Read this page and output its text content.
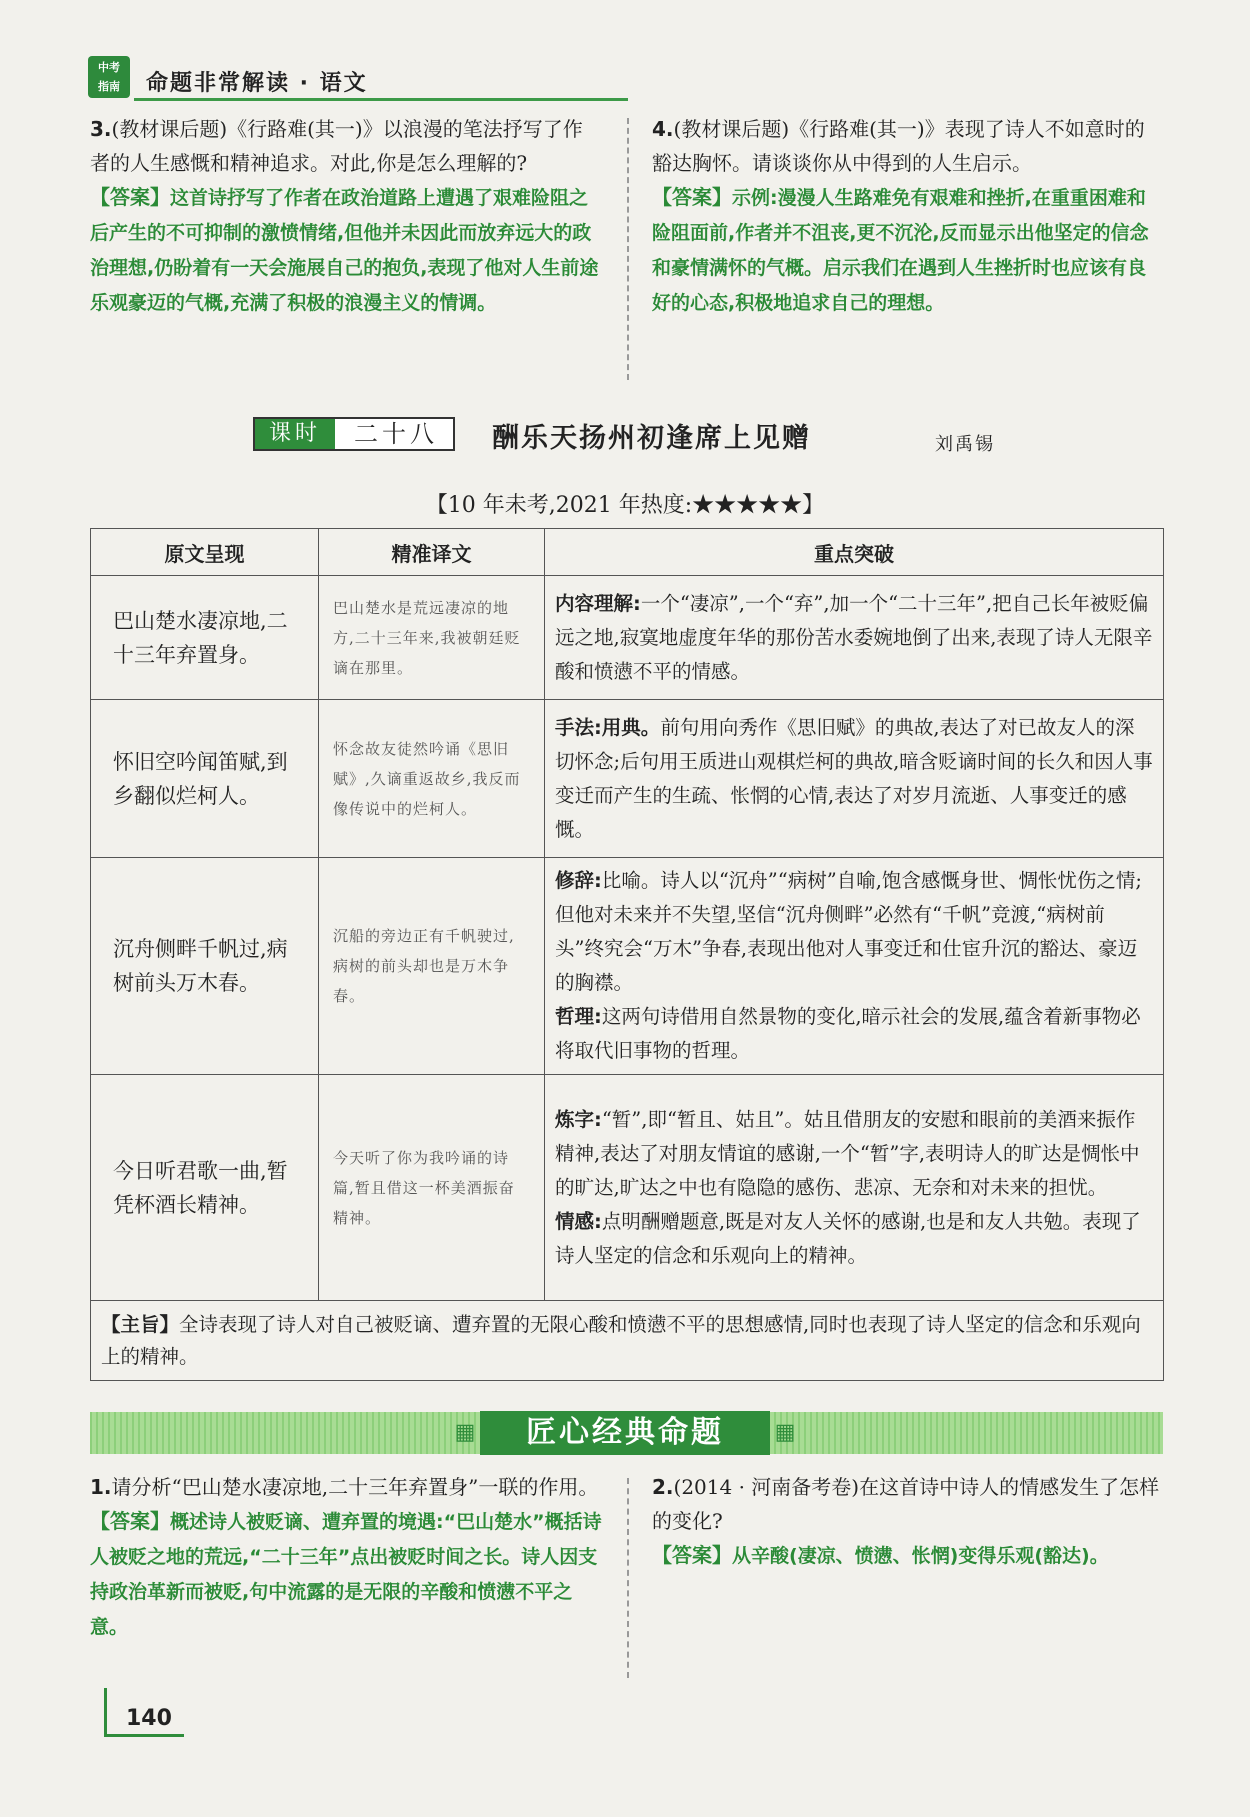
中考
指南	命题非常解读 · 语文
3.(教材课后题)《行路难(其一)》以浪漫的笔法抒写了作者的人生感慨和精神追求。对此,你是怎么理解的?
【答案】这首诗抒写了作者在政治道路上遭遇了艰难险阻之后产生的不可抑制的激愤情绪,但他并未因此而放弃远大的政治理想,仍盼着有一天会施展自己的抱负,表现了他对人生前途乐观豪迈的气概,充满了积极的浪漫主义的情调。
4.(教材课后题)《行路难(其一)》表现了诗人不如意时的豁达胸怀。请谈谈你从中得到的人生启示。
【答案】示例:漫漫人生路难免有艰难和挫折,在重重困难和险阻面前,作者并不沮丧,更不沉沦,反而显示出他坚定的信念和豪情满怀的气概。启示我们在遇到人生挫折时也应该有良好的心态,积极地追求自己的理想。
课时	二十八	酬乐天扬州初逢席上见赠	刘禹锡
【10 年未考,2021 年热度:★★★★★】
原文呈现	精准译文	重点突破
巴山楚水凄凉地,二十三年弃置身。	巴山楚水是荒远凄凉的地方,二十三年来,我被朝廷贬谪在那里。	内容理解:一个“凄凉”,一个“弃”,加一个“二十三年”,把自己长年被贬偏远之地,寂寞地虚度年华的那份苦水委婉地倒了出来,表现了诗人无限辛酸和愤懑不平的情感。
怀旧空吟闻笛赋,到乡翻似烂柯人。	怀念故友徒然吟诵《思旧赋》,久谪重返故乡,我反而像传说中的烂柯人。	手法:用典。前句用向秀作《思旧赋》的典故,表达了对已故友人的深切怀念;后句用王质进山观棋烂柯的典故,暗含贬谪时间的长久和因人事变迁而产生的生疏、怅惘的心情,表达了对岁月流逝、人事变迁的感慨。
沉舟侧畔千帆过,病树前头万木春。	沉船的旁边正有千帆驶过,病树的前头却也是万木争春。	修辞:比喻。诗人以“沉舟”“病树”自喻,饱含感慨身世、惆怅忧伤之情;但他对未来并不失望,坚信“沉舟侧畔”必然有“千帆”竞渡,“病树前头”终究会“万木”争春,表现出他对人事变迁和仕宦升沉的豁达、豪迈的胸襟。
哲理:这两句诗借用自然景物的变化,暗示社会的发展,蕴含着新事物必将取代旧事物的哲理。
今日听君歌一曲,暂凭杯酒长精神。	今天听了你为我吟诵的诗篇,暂且借这一杯美酒振奋精神。	炼字:“暂”,即“暂且、姑且”。姑且借朋友的安慰和眼前的美酒来振作精神,表达了对朋友情谊的感谢,一个“暂”字,表明诗人的旷达是惆怅中的旷达,旷达之中也有隐隐的感伤、悲凉、无奈和对未来的担忧。
情感:点明酬赠题意,既是对友人关怀的感谢,也是和友人共勉。表现了诗人坚定的信念和乐观向上的精神。
【主旨】全诗表现了诗人对自己被贬谪、遭弃置的无限心酸和愤懑不平的思想感情,同时也表现了诗人坚定的信念和乐观向上的精神。		
▦	匠心经典命题	▦
1.请分析“巴山楚水凄凉地,二十三年弃置身”一联的作用。
【答案】概述诗人被贬谪、遭弃置的境遇:“巴山楚水”概括诗人被贬之地的荒远,“二十三年”点出被贬时间之长。诗人因支持政治革新而被贬,句中流露的是无限的辛酸和愤懑不平之意。
2.(2014 · 河南备考卷)在这首诗中诗人的情感发生了怎样的变化?
【答案】从辛酸(凄凉、愤懑、怅惘)变得乐观(豁达)。
140
